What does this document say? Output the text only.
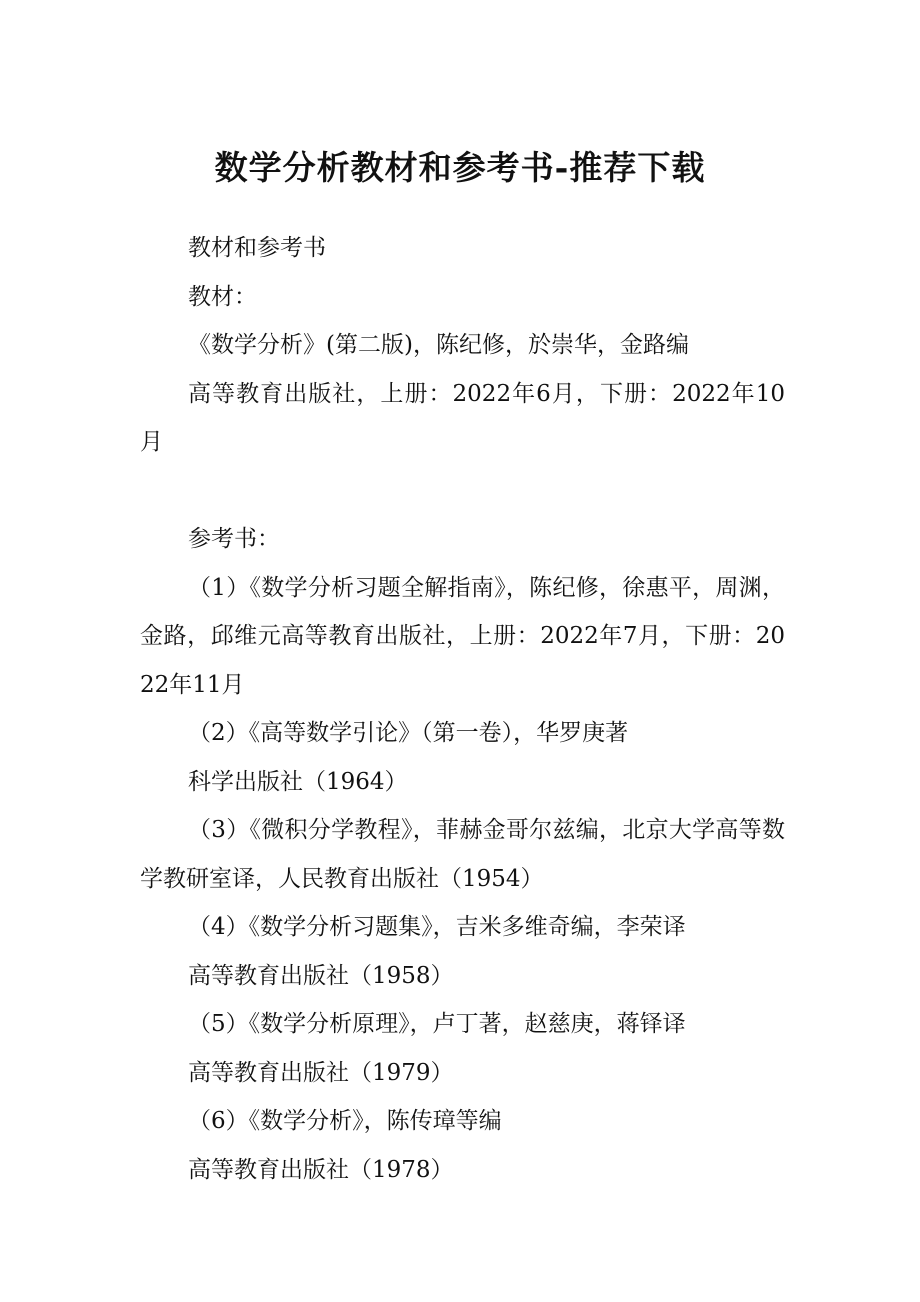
数学分析教材和参考书-推荐下载

教材和参考书

教材：

《数学分析》(第二版)，陈纪修，於崇华，金路编

高等教育出版社，上册：2022年6月，下册：2022年10月

参考书：

（1）《数学分析习题全解指南》，陈纪修，徐惠平，周渊，金路，邱维元高等教育出版社，上册：2022年7月，下册：2022年11月

（2）《高等数学引论》（第一卷），华罗庚著

科学出版社（1964）

（3）《微积分学教程》，菲赫金哥尔兹编，北京大学高等数学教研室译，人民教育出版社（1954）

（4）《数学分析习题集》，吉米多维奇编，李荣译

高等教育出版社（1958）

（5）《数学分析原理》，卢丁著，赵慈庚，蒋铎译

高等教育出版社（1979）

（6）《数学分析》，陈传璋等编

高等教育出版社（1978）
